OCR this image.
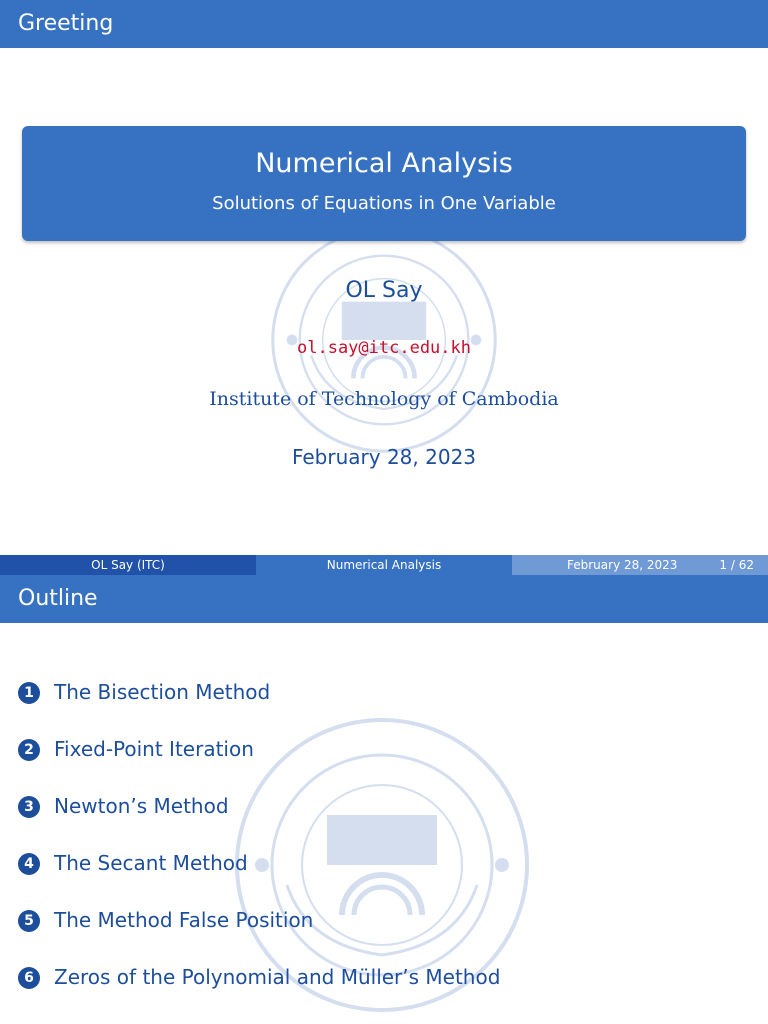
Greeting
Numerical Analysis
Solutions of Equations in One Variable
OL Say
ol.say@itc.edu.kh
Institute of Technology of Cambodia
February 28, 2023
OL Say (ITC)	Numerical Analysis	February 28, 2023	1 / 62
Outline
1	The Bisection Method
2	Fixed-Point Iteration
3	Newton’s Method
4	The Secant Method
5	The Method False Position
6	Zeros of the Polynomial and Müller’s Method
